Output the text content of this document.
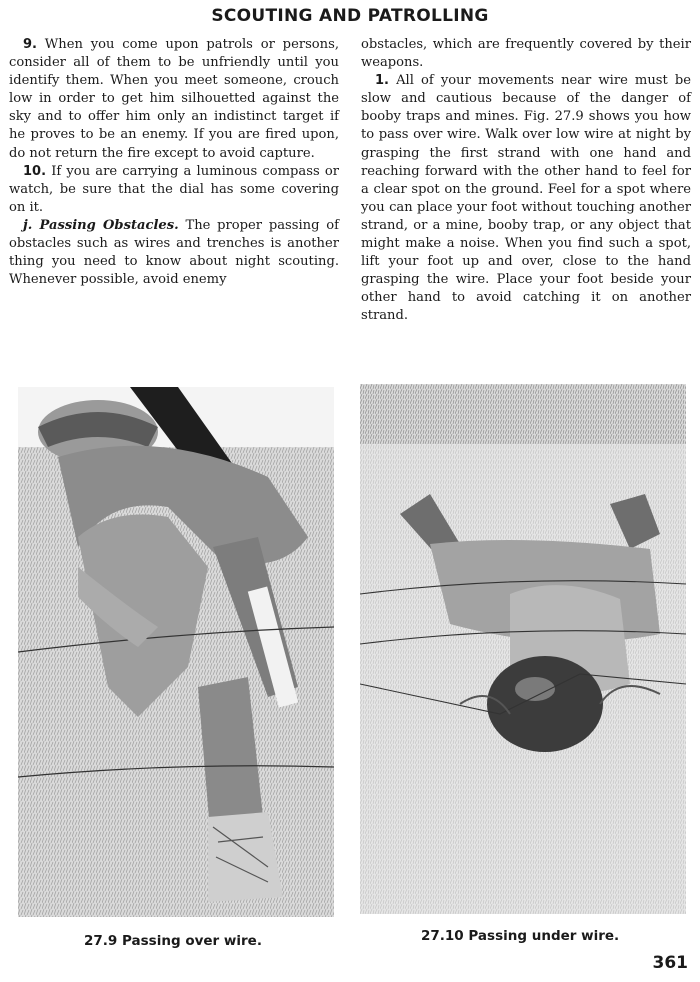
SCOUTING AND PATROLLING

9. When you come upon patrols or persons, consider all of them to be unfriendly until you identify them. When you meet someone, crouch low in order to get him silhouetted against the sky and to offer him only an indistinct target if he proves to be an enemy. If you are fired upon, do not return the fire except to avoid capture.

10. If you are carrying a luminous compass or watch, be sure that the dial has some covering on it.

j. Passing Obstacles. The proper passing of obstacles such as wires and trenches is another thing you need to know about night scouting. Whenever possible, avoid enemy

obstacles, which are frequently covered by their weapons.

1. All of your movements near wire must be slow and cautious because of the danger of booby traps and mines. Fig. 27.9 shows you how to pass over wire. Walk over low wire at night by grasping the first strand with one hand and reaching forward with the other hand to feel for a clear spot on the ground. Feel for a spot where you can place your foot without touching another strand, or a mine, booby trap, or any object that might make a noise. When you find such a spot, lift your foot up and over, close to the hand grasping the wire. Place your foot beside your other hand to avoid catching it on another strand.

27.9 Passing over wire.	27.10 Passing under wire.
361
